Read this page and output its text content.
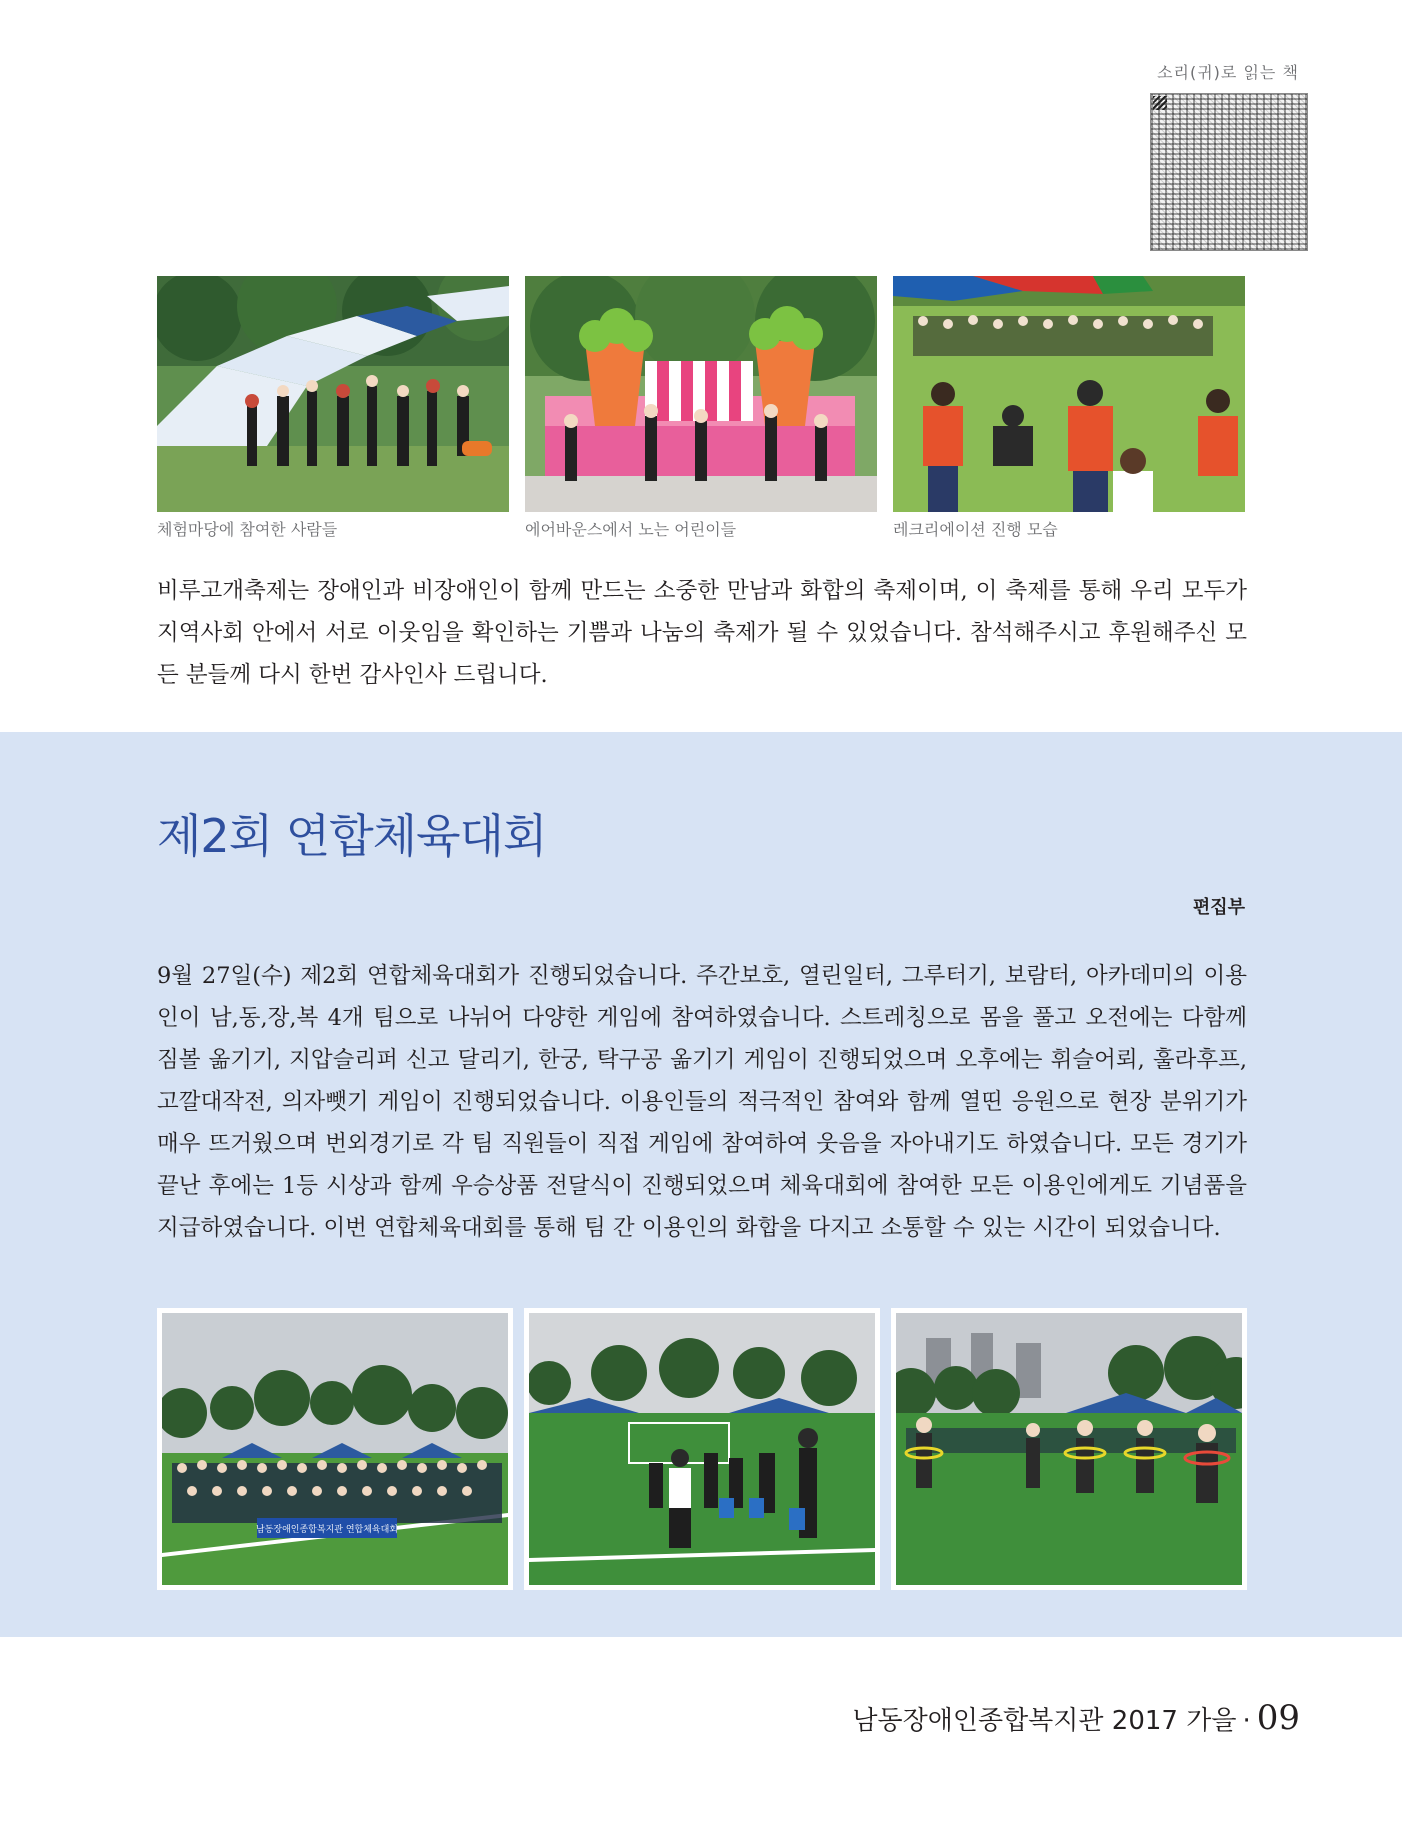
소리(귀)로 읽는 책
체험마당에 참여한 사람들	에어바운스에서 노는 어린이들	레크리에이션 진행 모습

비루고개축제는 장애인과 비장애인이 함께 만드는 소중한 만남과 화합의 축제이며, 이 축제를 통해 우리 모두가 지역사회 안에서 서로 이웃임을 확인하는 기쁨과 나눔의 축제가 될 수 있었습니다. 참석해주시고 후원해주신 모든 분들께 다시 한번 감사인사 드립니다.

제2회 연합체육대회
편집부

9월 27일(수) 제2회 연합체육대회가 진행되었습니다. 주간보호, 열린일터, 그루터기, 보람터, 아카데미의 이용인이 남,동,장,복 4개 팀으로 나뉘어 다양한 게임에 참여하였습니다. 스트레칭으로 몸을 풀고 오전에는 다함께 짐볼 옮기기, 지압슬리퍼 신고 달리기, 한궁, 탁구공 옮기기 게임이 진행되었으며 오후에는 휘슬어뢰, 훌라후프, 고깔대작전, 의자뺏기 게임이 진행되었습니다. 이용인들의 적극적인 참여와 함께 열띤 응원으로 현장 분위기가 매우 뜨거웠으며 번외경기로 각 팀 직원들이 직접 게임에 참여하여 웃음을 자아내기도 하였습니다. 모든 경기가 끝난 후에는 1등 시상과 함께 우승상품 전달식이 진행되었으며 체육대회에 참여한 모든 이용인에게도 기념품을 지급하였습니다. 이번 연합체육대회를 통해 팀 간 이용인의 화합을 다지고 소통할 수 있는 시간이 되었습니다.

남동장애인종합복지관 연합체육대회
남동장애인종합복지관 2017 가을 · 09
